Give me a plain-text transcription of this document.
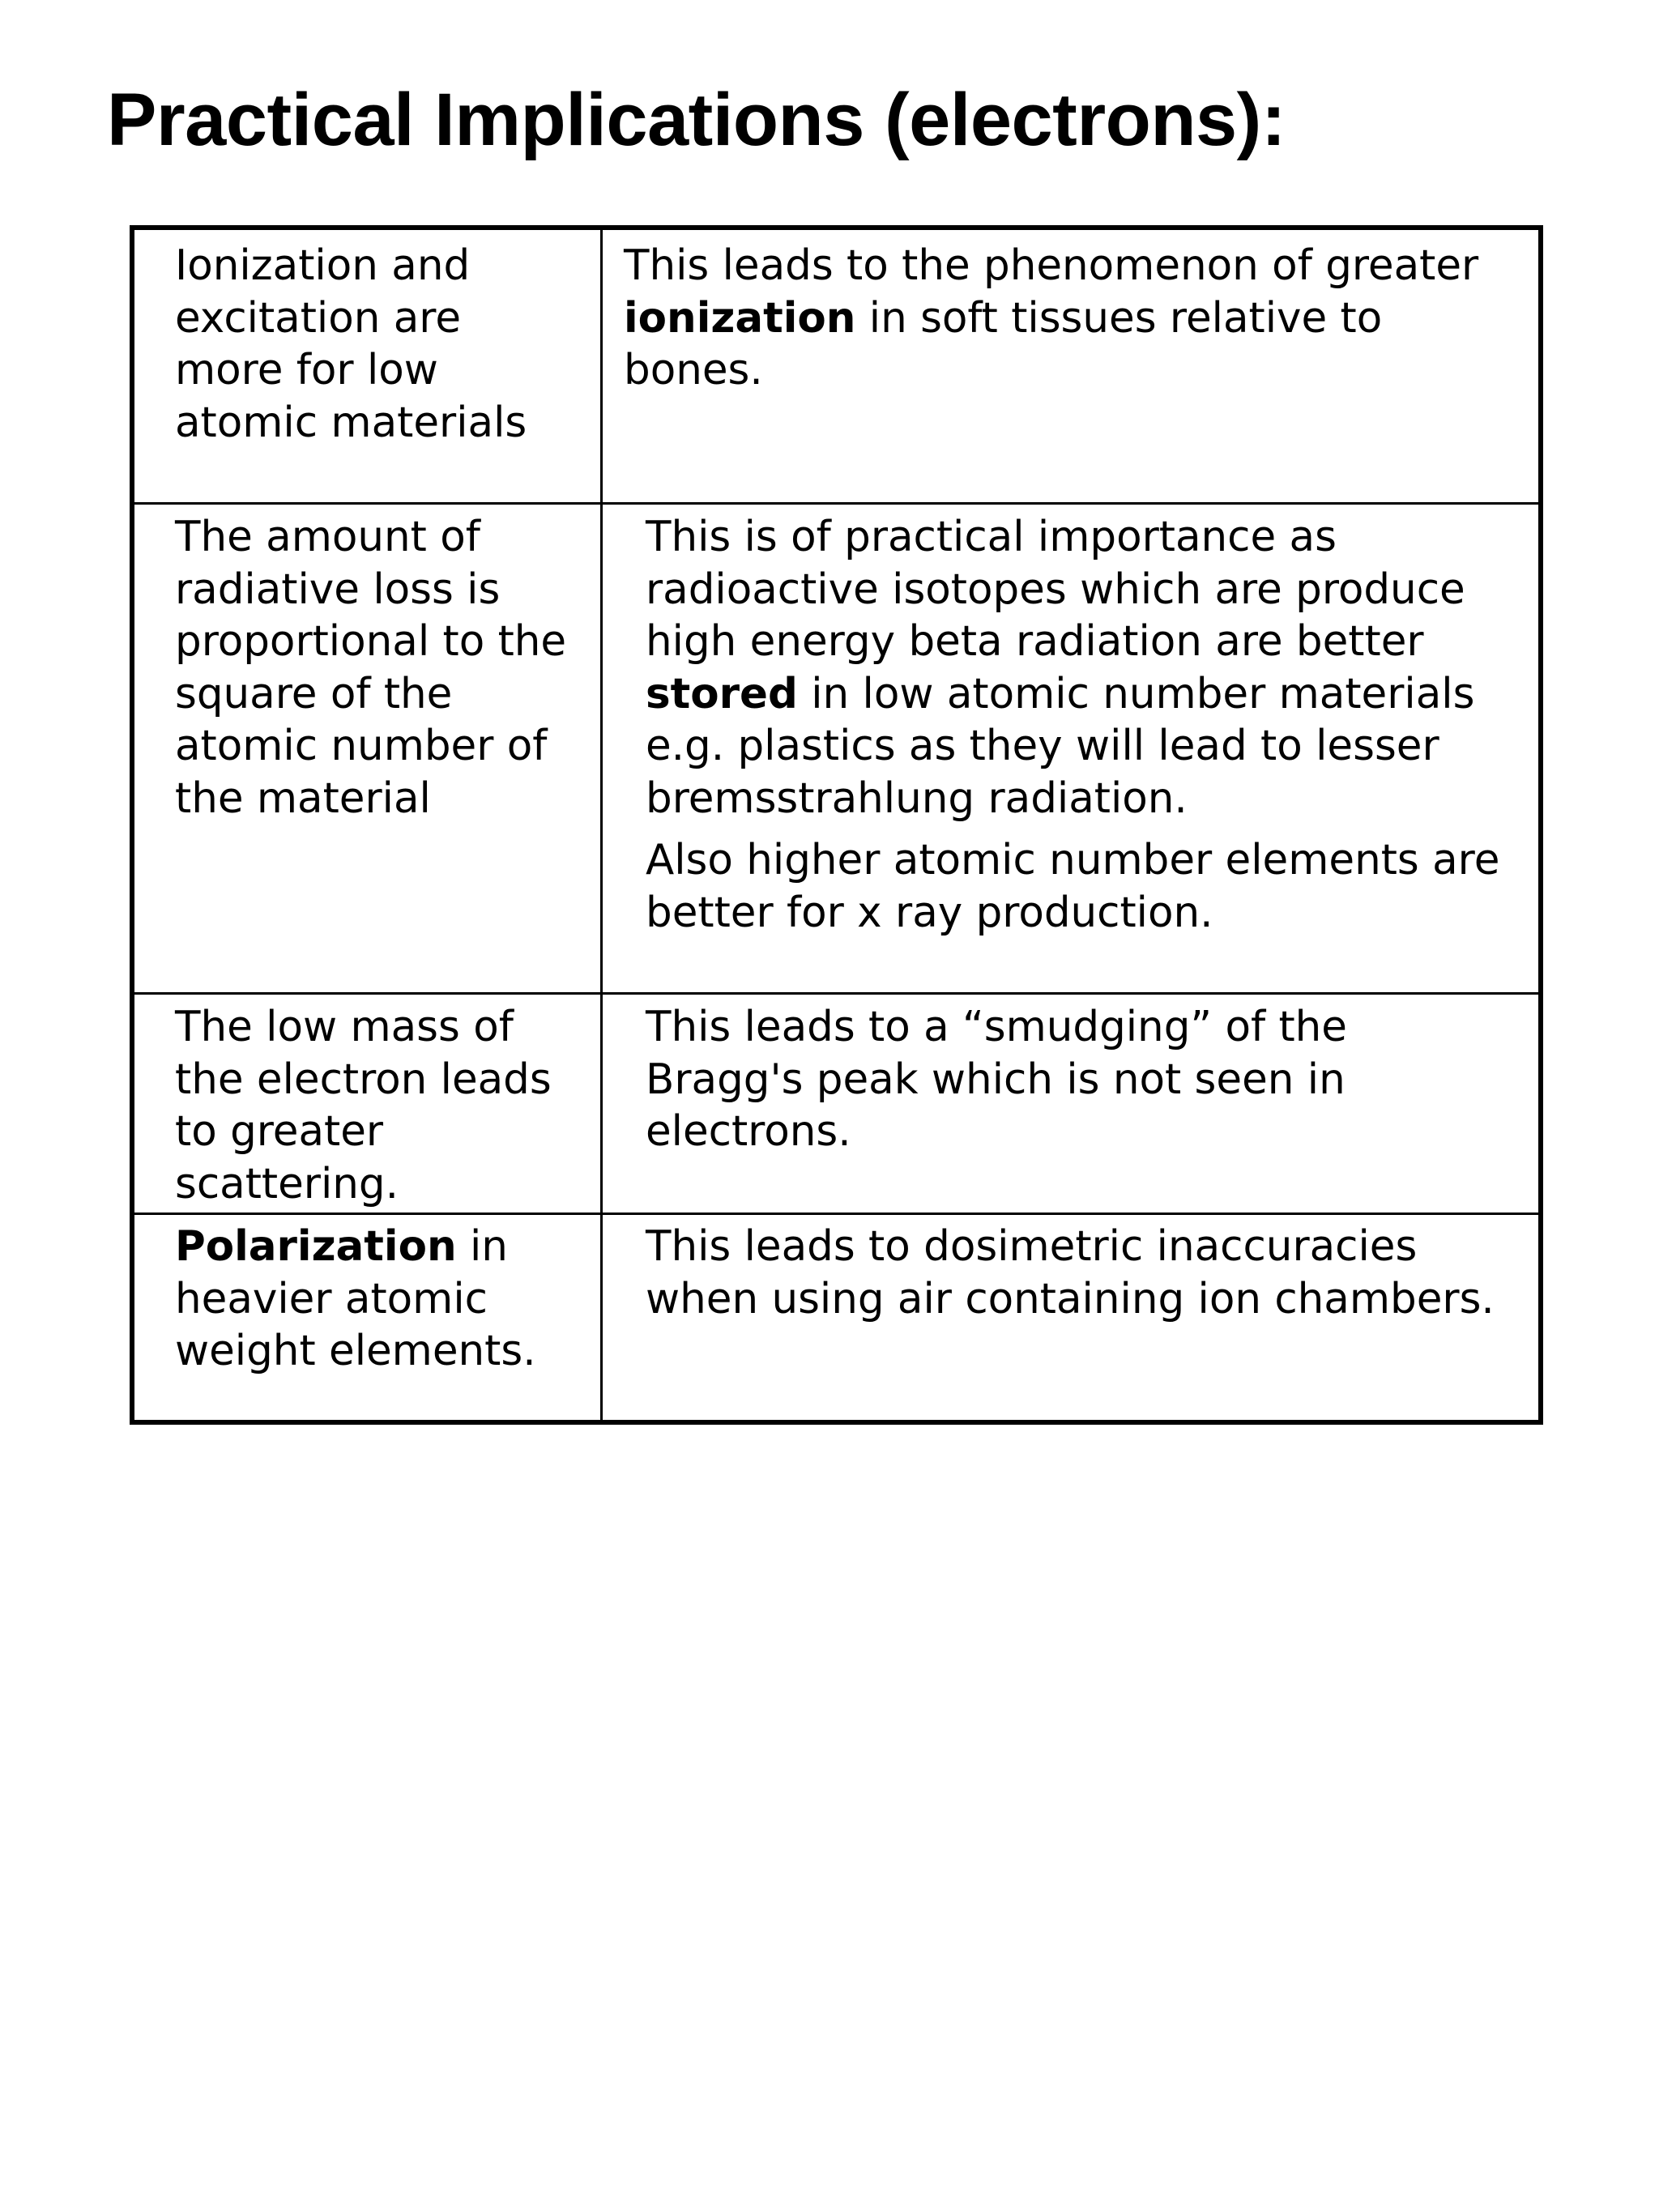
Practical Implications (electrons):
Ionization and
excitation are
more for low
atomic materials
This leads to the phenomenon of greater
ionization in soft tissues relative to
bones.
The amount of
radiative loss is
proportional to the
square of the
atomic number of
the material
This is of practical importance as
radioactive isotopes which are produce
high energy beta radiation are better
stored in low atomic number materials
e.g. plastics as they will lead to lesser
bremsstrahlung radiation.
Also higher atomic number elements are
better for x ray production.
The low mass of
the electron leads
to greater
scattering.
This leads to a “smudging” of the
Bragg's peak which is not seen in
electrons.
Polarization in
heavier atomic
weight elements.
This leads to dosimetric inaccuracies
when using air containing ion chambers.
